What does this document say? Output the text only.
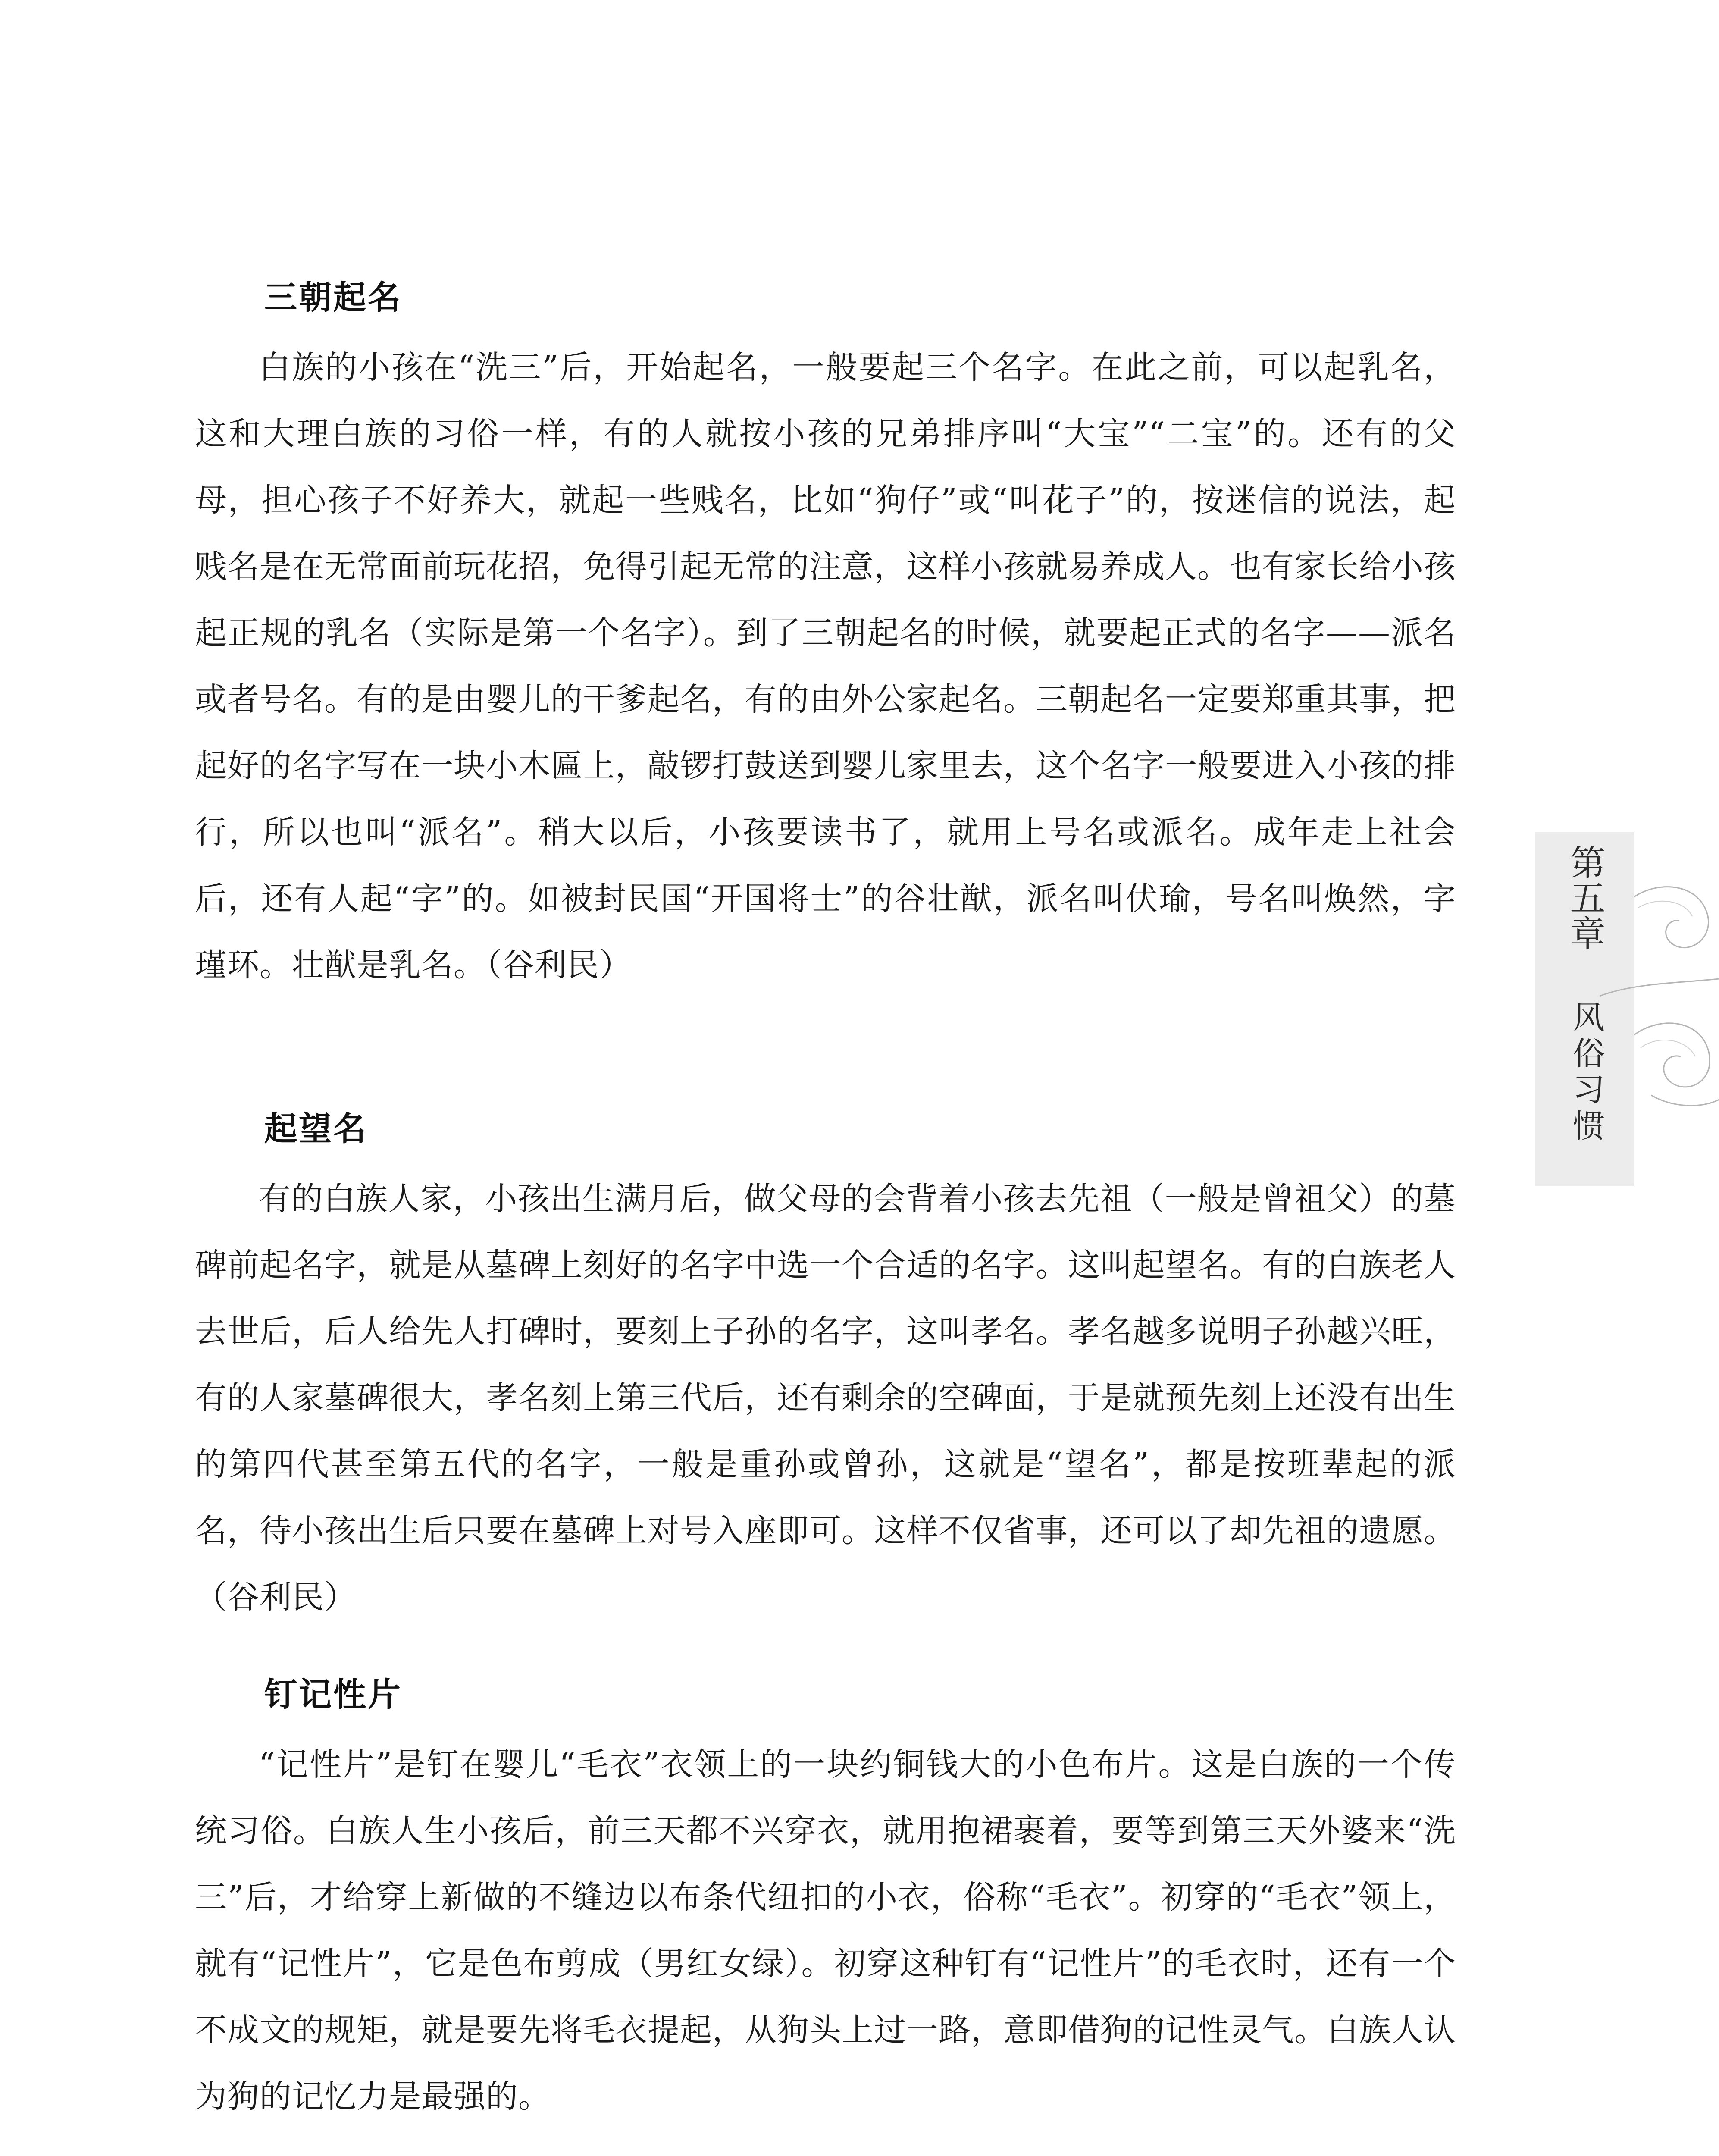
三朝起名

白族的小孩在“洗三”后，开始起名，一般要起三个名字。在此之前，可以起乳名，这和大理白族的习俗一样，有的人就按小孩的兄弟排序叫“大宝”“二宝”的。还有的父母，担心孩子不好养大，就起一些贱名，比如“狗仔”或“叫花子”的，按迷信的说法，起贱名是在无常面前玩花招，免得引起无常的注意，这样小孩就易养成人。也有家长给小孩起正规的乳名（实际是第一个名字）。到了三朝起名的时候，就要起正式的名字——派名或者号名。有的是由婴儿的干爹起名，有的由外公家起名。三朝起名一定要郑重其事，把起好的名字写在一块小木匾上，敲锣打鼓送到婴儿家里去，这个名字一般要进入小孩的排行，所以也叫“派名”。稍大以后，小孩要读书了，就用上号名或派名。成年走上社会后，还有人起“字”的。如被封民国“开国将士”的谷壮猷，派名叫伏瑜，号名叫焕然，字瑾环。壮猷是乳名。（谷利民）

起望名

有的白族人家，小孩出生满月后，做父母的会背着小孩去先祖（一般是曾祖父）的墓碑前起名字，就是从墓碑上刻好的名字中选一个合适的名字。这叫起望名。有的白族老人去世后，后人给先人打碑时，要刻上子孙的名字，这叫孝名。孝名越多说明子孙越兴旺，有的人家墓碑很大，孝名刻上第三代后，还有剩余的空碑面，于是就预先刻上还没有出生的第四代甚至第五代的名字，一般是重孙或曾孙，这就是“望名”，都是按班辈起的派名，待小孩出生后只要在墓碑上对号入座即可。这样不仅省事，还可以了却先祖的遗愿。（谷利民）

钉记性片

“记性片”是钉在婴儿“毛衣”衣领上的一块约铜钱大的小色布片。这是白族的一个传统习俗。白族人生小孩后，前三天都不兴穿衣，就用抱裙裹着，要等到第三天外婆来“洗三”后，才给穿上新做的不缝边以布条代纽扣的小衣，俗称“毛衣”。初穿的“毛衣”领上，就有“记性片”，它是色布剪成（男红女绿）。初穿这种钉有“记性片”的毛衣时，还有一个不成文的规矩，就是要先将毛衣提起，从狗头上过一路，意即借狗的记性灵气。白族人认为狗的记忆力是最强的。

第五章
风俗习惯
